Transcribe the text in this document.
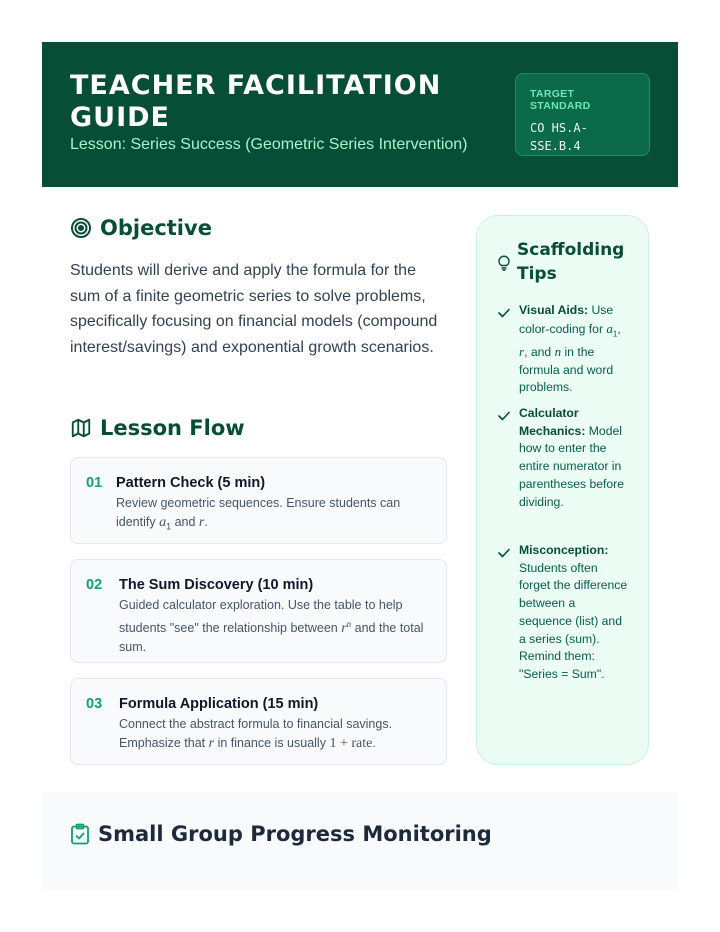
TEACHER FACILITATION GUIDE
Lesson: Series Success (Geometric Series Intervention)
TARGET STANDARD
CO HS.A-SSE.B.4
Objective
Students will derive and apply the formula for the sum of a finite geometric series to solve problems, specifically focusing on financial models (compound interest/savings) and exponential growth scenarios.
Lesson Flow
01 Pattern Check (5 min)
Review geometric sequences. Ensure students can identify $a_1$ and r.
02 The Sum Discovery (10 min)
Guided calculator exploration. Use the table to help students "see" the relationship between $r^n$ and the total sum.
03 Formula Application (15 min)
Connect the abstract formula to financial savings. Emphasize that r in finance is usually 1 + rate.
Scaffolding Tips
Visual Aids: Use color-coding for $a_1$, r, and n in the formula and word problems.
Calculator Mechanics: Model how to enter the entire numerator in parentheses before dividing.
Misconception: Students often forget the difference between a sequence (list) and a series (sum). Remind them: "Series = Sum".
Small Group Progress Monitoring
